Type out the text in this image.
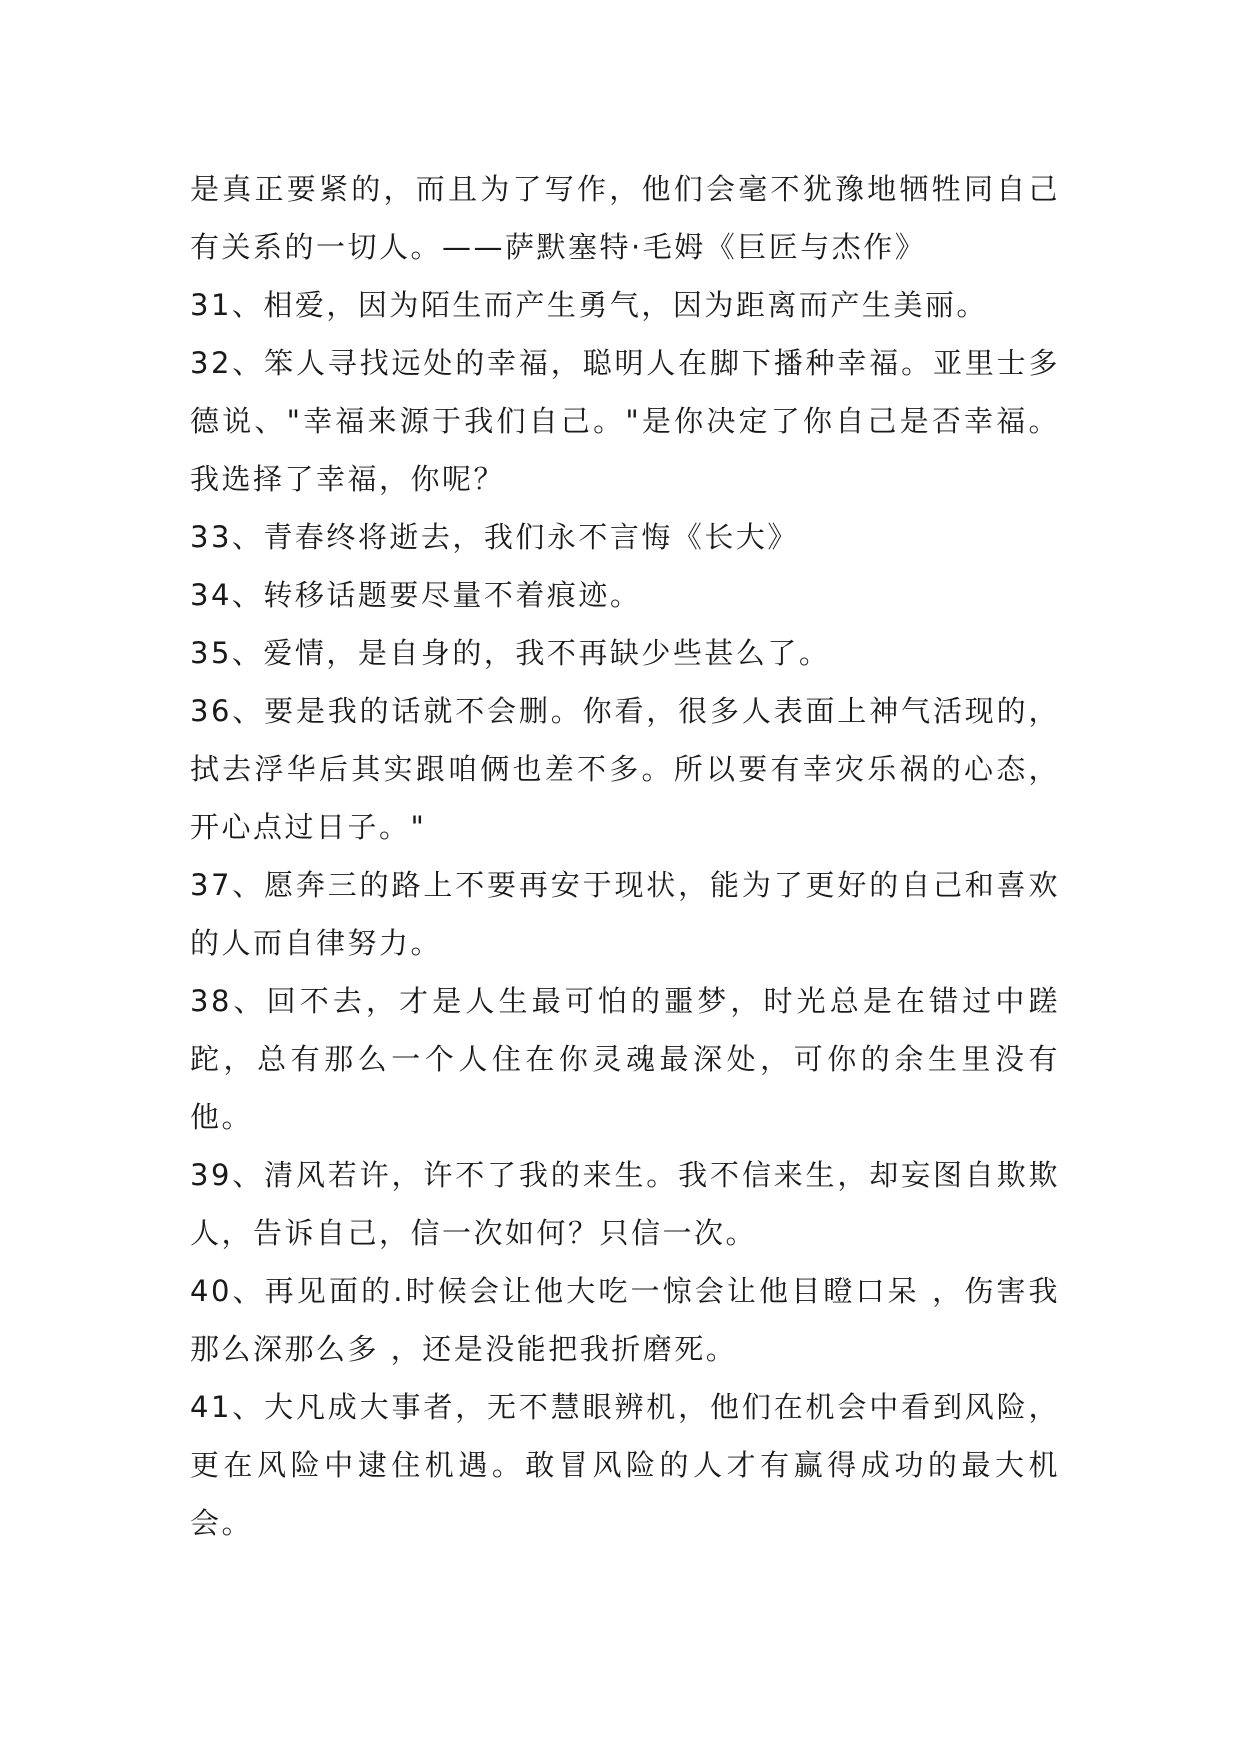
是真正要紧的，而且为了写作，他们会毫不犹豫地牺牲同自己有关系的一切人。——萨默塞特·毛姆《巨匠与杰作》

31、相爱，因为陌生而产生勇气，因为距离而产生美丽。

32、笨人寻找远处的幸福，聪明人在脚下播种幸福。亚里士多德说、"幸福来源于我们自己。"是你决定了你自己是否幸福。我选择了幸福，你呢？

33、青春终将逝去，我们永不言悔《长大》

34、转移话题要尽量不着痕迹。

35、爱情，是自身的，我不再缺少些甚么了。

36、要是我的话就不会删。你看，很多人表面上神气活现的，拭去浮华后其实跟咱俩也差不多。所以要有幸灾乐祸的心态，开心点过日子。"

37、愿奔三的路上不要再安于现状，能为了更好的自己和喜欢的人而自律努力。

38、回不去，才是人生最可怕的噩梦，时光总是在错过中蹉跎，总有那么一个人住在你灵魂最深处，可你的余生里没有他。

39、清风若许，许不了我的来生。我不信来生，却妄图自欺欺人，告诉自己，信一次如何？只信一次。

40、再见面的.时候会让他大吃一惊会让他目瞪口呆 ，伤害我那么深那么多 ，还是没能把我折磨死。

41、大凡成大事者，无不慧眼辨机，他们在机会中看到风险，更在风险中逮住机遇。敢冒风险的人才有赢得成功的最大机会。
